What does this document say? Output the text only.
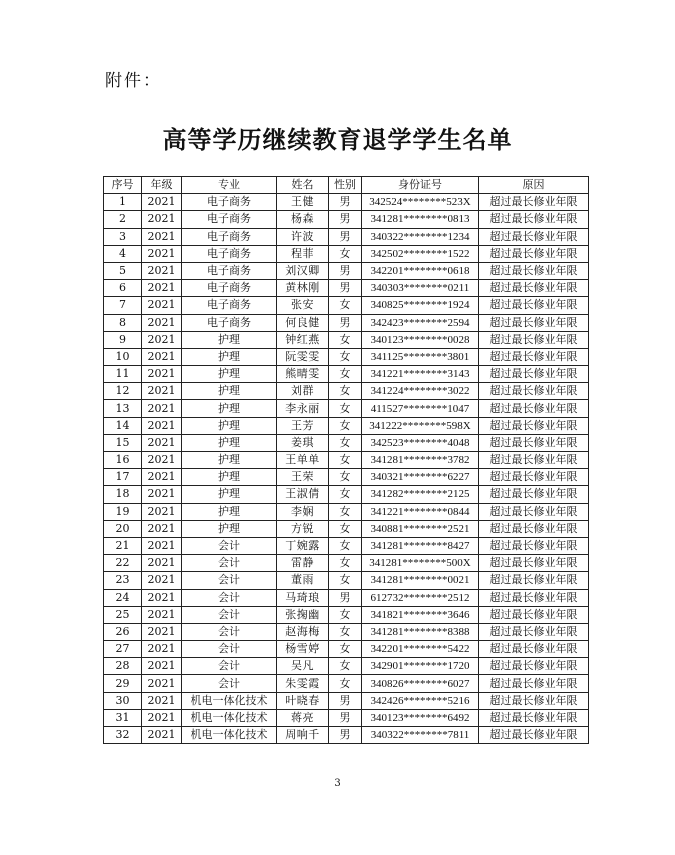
附件：
高等学历继续教育退学学生名单
序号	年级	专业	姓名	性别	身份证号	原因
1	2021	电子商务	王健	男	342524********523X	超过最长修业年限
2	2021	电子商务	杨森	男	341281********0813	超过最长修业年限
3	2021	电子商务	许波	男	340322********1234	超过最长修业年限
4	2021	电子商务	程菲	女	342502********1522	超过最长修业年限
5	2021	电子商务	刘汉卿	男	342201********0618	超过最长修业年限
6	2021	电子商务	黄林刚	男	340303********0211	超过最长修业年限
7	2021	电子商务	张安	女	340825********1924	超过最长修业年限
8	2021	电子商务	何良健	男	342423********2594	超过最长修业年限
9	2021	护理	钟红燕	女	340123********0028	超过最长修业年限
10	2021	护理	阮雯雯	女	341125********3801	超过最长修业年限
11	2021	护理	熊晴雯	女	341221********3143	超过最长修业年限
12	2021	护理	刘群	女	341224********3022	超过最长修业年限
13	2021	护理	李永丽	女	411527********1047	超过最长修业年限
14	2021	护理	王芳	女	341222********598X	超过最长修业年限
15	2021	护理	姜琪	女	342523********4048	超过最长修业年限
16	2021	护理	王单单	女	341281********3782	超过最长修业年限
17	2021	护理	王荣	女	340321********6227	超过最长修业年限
18	2021	护理	王淑倩	女	341282********2125	超过最长修业年限
19	2021	护理	李娴	女	341221********0844	超过最长修业年限
20	2021	护理	方锐	女	340881********2521	超过最长修业年限
21	2021	会计	丁婉露	女	341281********8427	超过最长修业年限
22	2021	会计	雷静	女	341281********500X	超过最长修业年限
23	2021	会计	董雨	女	341281********0021	超过最长修业年限
24	2021	会计	马琦琅	男	612732********2512	超过最长修业年限
25	2021	会计	张掬幽	女	341821********3646	超过最长修业年限
26	2021	会计	赵海梅	女	341281********8388	超过最长修业年限
27	2021	会计	杨雪婷	女	342201********5422	超过最长修业年限
28	2021	会计	吴凡	女	342901********1720	超过最长修业年限
29	2021	会计	朱雯霞	女	340826********6027	超过最长修业年限
30	2021	机电一体化技术	叶晓春	男	342426********5216	超过最长修业年限
31	2021	机电一体化技术	蒋亮	男	340123********6492	超过最长修业年限
32	2021	机电一体化技术	周响千	男	340322********7811	超过最长修业年限
3
